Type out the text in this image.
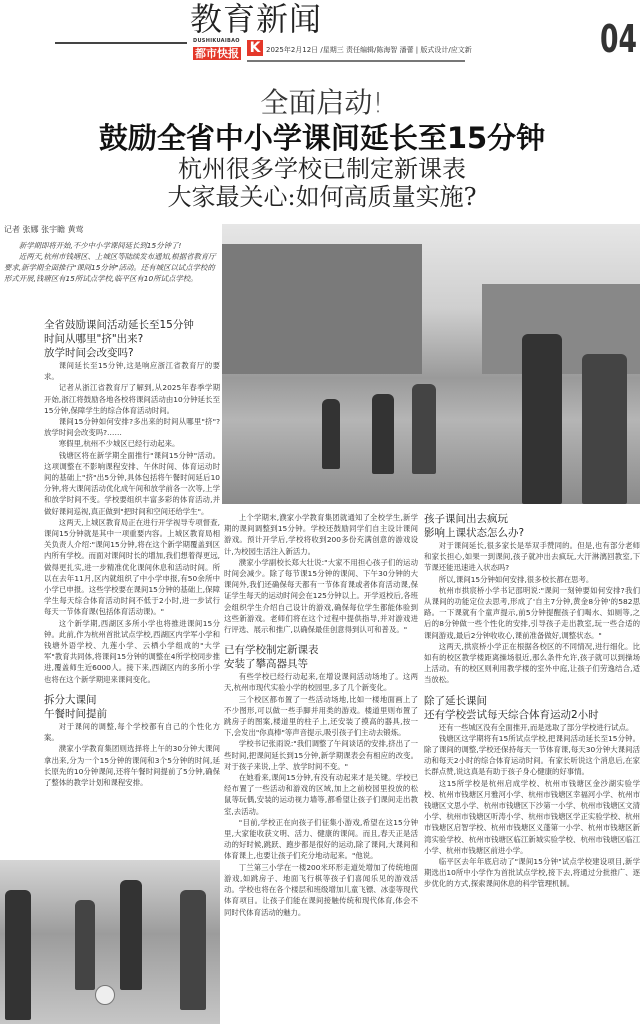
教育新闻
DUSHIKUAIBAO
都市快报 K 2025年2月12日 /星期三 责任编辑/陈海智 潘蕾 | 版式设计/应文新	04
全面启动!
鼓励全省中小学课间延长至15分钟
杭州很多学校已制定新课表
大家最关心:如何高质量实施?
记者 张娜 张宇瞻 黄莺

新学期即将开始,不少中小学课间延长到15分钟了!

近两天,杭州市钱塘区、上城区等陆续发布通知,根据省教育厅要求,新学期全面推行"课间15分钟"活动。还有城区以试点学校的形式开展,钱塘区有15所试点学校,临平区有10所试点学校。

全省鼓励课间活动延长至15分钟
时间从哪里"挤"出来?
放学时间会改变吗?

课间延长至15分钟,这是响应浙江省教育厅的要求。

记者从浙江省教育厅了解到,从2025年春季学期开始,浙江将鼓励各地各校将课间活动由10分钟延长至15分钟,保障学生的综合体育活动时间。

课间15分钟如何安排?多出来的时间从哪里"挤"?放学时间会改变吗?……

寒假里,杭州不少城区已经行动起来。

钱塘区将在新学期全面推行"课间15分钟"活动。这项调整在不影响课程安排、午休时间、体育运动时间的基础上"挤"出5分钟,具体包括将午餐时间延后10分钟,将大课间活动优化成午间和放学前各一次等,上学和放学时间不变。学校要组织丰富多彩的体育活动,并做好课间巡视,真正做到"把时间和空间还给学生"。

这两天,上城区教育局正在进行开学视导专项督查,课间15分钟就是其中一项重要内容。上城区教育局相关负责人介绍:"课间15分钟,将在这个新学期覆盖到区内所有学校。而面对课间时长的增加,我们想着得更远,做得更扎实,进一步精准优化课间休息和活动时间。所以在去年11月,区内就组织了中小学申报,有50余所中小学已申报。这些学校要在课间15分钟的基础上,保障学生每天综合体育活动时间不低于2小时,进一步试行每天一节体育课(包括体育活动课)。"

这个新学期,西湖区多所小学也将推进课间15分钟。此前,作为杭州首批试点学校,西湖区内学军小学和钱塘外语学校、九莲小学、云栖小学组成的"大学军"教育共同体,将课间15分钟的调整在4所学校同步推进,覆盖师生近6000人。接下来,西湖区内的多所小学也将在这个新学期迎来课间变化。

拆分大课间
午餐时间提前

对于课间的调整,每个学校都有自己的个性化方案。

濮家小学教育集团则选择将上午的30分钟大课间拿出来,分为一个15分钟的课间和3个5分钟的时间,延长原先的10分钟课间,还将午餐时间提前了5分钟,确保了整体的教学计划和课程安排。

上个学期末,濮家小学教育集团就通知了全校学生,新学期的课间调整到15分钟。学校还鼓励同学们自主设计课间游戏。预计开学后,学校将收到200多份充满创意的游戏设计,为校园生活注入新活力。

濮家小学副校长郑大壮说:"大家不用担心孩子们的运动时间会减少。除了每节课15分钟的课间、下午30分钟的大课间外,我们还确保每天都有一节体育课或者体育活动课,保证学生每天的运动时间会在125分钟以上。开学返校后,各班会组织学生介绍自己设计的游戏,确保每位学生都能体验到这些新游戏。老师们将在这个过程中提供指导,并对游戏进行评选、展示和推广,以确保最佳创意得到认可和普及。"

已有学校制定新课表
安装了攀高器具等

有些学校已经行动起来,在增设课间活动场地了。这两天,杭州市现代实验小学的校园里,多了几个新变化。

三个校区都布置了一些活动场地,比如一楼地面画上了不少图形,可以做一些手脚并用类的游戏。楼道里则布置了跳房子的图案,楼道里的柱子上,还安装了摸高的器具,按一下,会发出"你真棒"等声音提示,吸引孩子们主动去锻炼。

学校书记张雨说:"我们调整了午间谈话的安排,挤出了一些时间,把课间延长到15分钟,新学期课表会有相应的改变。对于孩子来说,上学、放学时间不变。"

在她看来,课间15分钟,有没有动起来才是关键。学校已经布置了一些活动和游戏的区域,加上之前校园里投放的松鼠等玩偶,安装的运动视力墙等,都希望让孩子们课间走出教室,去活动。

"目前,学校正在向孩子们征集小游戏,希望在这15分钟里,大家能收获文明、活力、健康的课间。而且,春天正是活动的好时候,跳跃、跑步都是很好的运动,除了课间,大课间和体育课上,也要让孩子们充分地动起来。"他说。

丁兰第三小学在一楼200米环形走道处增加了传统地面游戏,如跳房子、地面飞行棋等孩子们喜闻乐见的游戏活动。学校也将在各个楼层和班级增加儿童飞镖、冰壶等现代体育项目。让孩子们能在课间接触传统和现代体育,体会不同时代体育活动的魅力。

孩子课间出去疯玩
影响上课状态怎么办?

对于课间延长,很多家长是举双手赞同的。但是,也有部分老师和家长担心,如果一到课间,孩子就冲出去疯玩,大汗淋漓回教室,下节课还能迅速进入状态吗?

所以,课间15分钟如何安排,很多校长都在思考。

杭州市拱宸桥小学书记邵明说:"课间一刻钟要如何安排?我们从课间的功能定位去思考,形成了'自主7分钟,黄金8分钟'的582思路。一下课就有个童声提示,前5分钟提醒孩子们喝水、如厕等,之后的8分钟做一些个性化的安排,引导孩子走出教室,玩一些合适的课间游戏,最后2分钟收收心,课前准备做好,调整状态。"

这两天,拱宸桥小学正在根据各校区的不同情况,进行细化。比如有的校区教学楼距离操场很近,那么条件允许,孩子就可以到操场上活动。有的校区则利用教学楼的室外中庭,让孩子们劳逸结合,适当放松。

除了延长课间
还有学校尝试每天综合体育运动2小时

还有一些城区没有全面推开,而是选取了部分学校进行试点。

钱塘区这学期将有15所试点学校,把课间活动延长至15分钟。除了课间的调整,学校还保持每天一节体育课,每天30分钟大课间活动和每天2小时的综合体育运动时间。有家长听说这个消息后,在家长群点赞,说这真是有助于孩子身心健康的好事情。

这15所学校是杭州启成学校、杭州市钱塘区金沙湖实验学校、杭州市钱塘区月雅河小学、杭州市钱塘区幸福河小学、杭州市钱塘区文思小学、杭州市钱塘区下沙第一小学、杭州市钱塘区文清小学、杭州市钱塘区听涛小学、杭州市钱塘区学正实验学校、杭州市钱塘区启智学校、杭州市钱塘区义蓬第一小学、杭州市钱塘区新湾实验学校、杭州市钱塘区临江新城实验学校、杭州市钱塘区临江小学、杭州市钱塘区前进小学。

临平区去年年底启动了"课间15分钟"试点学校建设项目,新学期选出10所中小学作为首批试点学校,接下去,将通过分批推广、逐步优化的方式,探索课间休息的科学管理机制。
